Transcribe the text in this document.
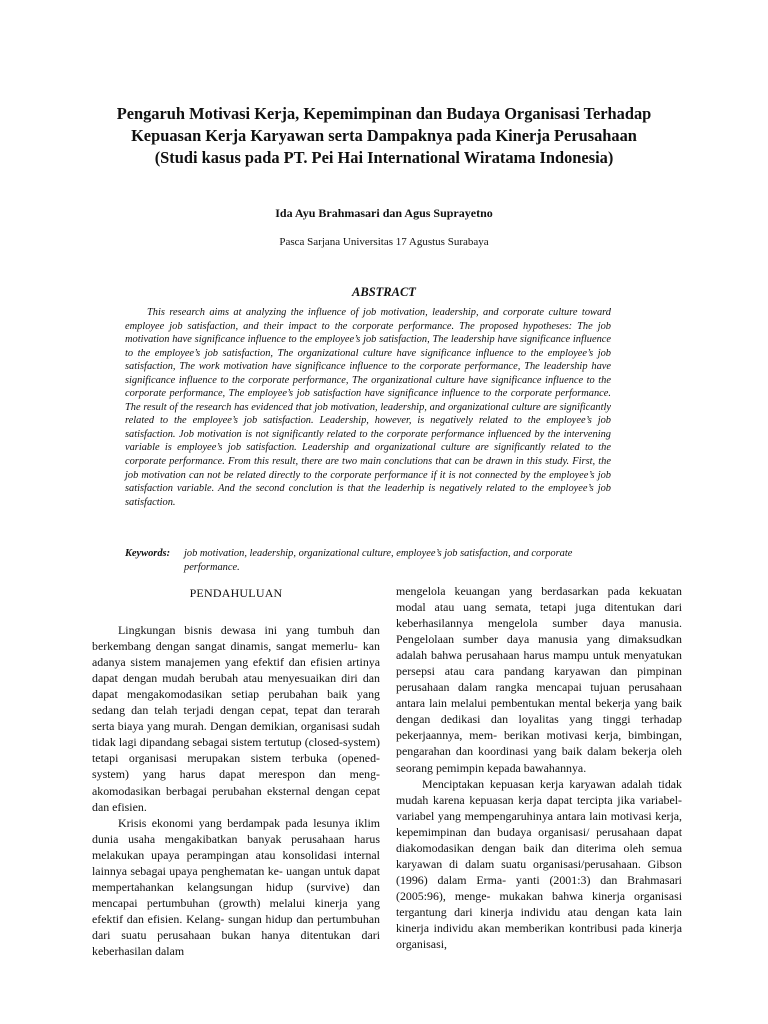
Pengaruh Motivasi Kerja, Kepemimpinan dan Budaya Organisasi Terhadap Kepuasan Kerja Karyawan serta Dampaknya pada Kinerja Perusahaan (Studi kasus pada PT. Pei Hai International Wiratama Indonesia)
Ida Ayu Brahmasari dan Agus Suprayetno
Pasca Sarjana Universitas 17 Agustus Surabaya
ABSTRACT
This research aims at analyzing the influence of job motivation, leadership, and corporate culture toward employee job satisfaction, and their impact to the corporate performance. The proposed hypotheses: The job motivation have significance influence to the employee’s job satisfaction, The leadership have significance influence to the employee’s job satisfaction, The organizational culture have significance influence to the employee’s job satisfaction, The work motivation have significance influence to the corporate performance, The leadership have significance influence to the corporate performance, The organizational culture have significance influence to the corporate performance, The employee’s job satisfaction have significance influence to the corporate performance. The result of the research has evidenced that job motivation, leadership, and organizational culture are significantly related to the employee’s job satisfaction. Leadership, however, is negatively related to the employee’s job satisfaction. Job motivation is not significantly related to the corporate performance influenced by the intervening variable is employee’s job satisfaction. Leadership and organizational culture are significantly related to the corporate performance. From this result, there are two main conclutions that can be drawn in this study. First, the job motivation can not be related directly to the corporate performance if it is not connected by the employee’s job satisfaction variable. And the second conclution is that the leaderhip is negatively related to the employee’s job satisfaction.
Keywords:	job motivation, leadership, organizational culture, employee’s job satisfaction, and corporate performance.
PENDAHULUAN

Lingkungan bisnis dewasa ini yang tumbuh dan berkembang dengan sangat dinamis, sangat memerlu- kan adanya sistem manajemen yang efektif dan efisien artinya dapat dengan mudah berubah atau menyesuaikan diri dan dapat mengakomodasikan setiap perubahan baik yang sedang dan telah terjadi dengan cepat, tepat dan terarah serta biaya yang murah. Dengan demikian, organisasi sudah tidak lagi dipandang sebagai sistem tertutup (closed-system) tetapi organisasi merupakan sistem terbuka (opened- system) yang harus dapat merespon dan meng- akomodasikan berbagai perubahan eksternal dengan cepat dan efisien.

Krisis ekonomi yang berdampak pada lesunya iklim dunia usaha mengakibatkan banyak perusahaan harus melakukan upaya perampingan atau konsolidasi internal lainnya sebagai upaya penghematan ke- uangan untuk dapat mempertahankan kelangsungan hidup (survive) dan mencapai pertumbuhan (growth) melalui kinerja yang efektif dan efisien. Kelang- sungan hidup dan pertumbuhan dari suatu perusahaan bukan hanya ditentukan dari keberhasilan dalam

mengelola keuangan yang berdasarkan pada kekuatan modal atau uang semata, tetapi juga ditentukan dari keberhasilannya mengelola sumber daya manusia. Pengelolaan sumber daya manusia yang dimaksudkan adalah bahwa perusahaan harus mampu untuk menyatukan persepsi atau cara pandang karyawan dan pimpinan perusahaan dalam rangka mencapai tujuan perusahaan antara lain melalui pembentukan mental bekerja yang baik dengan dedikasi dan loyalitas yang tinggi terhadap pekerjaannya, mem- berikan motivasi kerja, bimbingan, pengarahan dan koordinasi yang baik dalam bekerja oleh seorang pemimpin kepada bawahannya.

Menciptakan kepuasan kerja karyawan adalah tidak mudah karena kepuasan kerja dapat tercipta jika variabel-variabel yang mempengaruhinya antara lain motivasi kerja, kepemimpinan dan budaya organisasi/ perusahaan dapat diakomodasikan dengan baik dan diterima oleh semua karyawan di dalam suatu organisasi/perusahaan. Gibson (1996) dalam Erma- yanti (2001:3) dan Brahmasari (2005:96), menge- mukakan bahwa kinerja organisasi tergantung dari kinerja individu atau dengan kata lain kinerja individu akan memberikan kontribusi pada kinerja organisasi,
